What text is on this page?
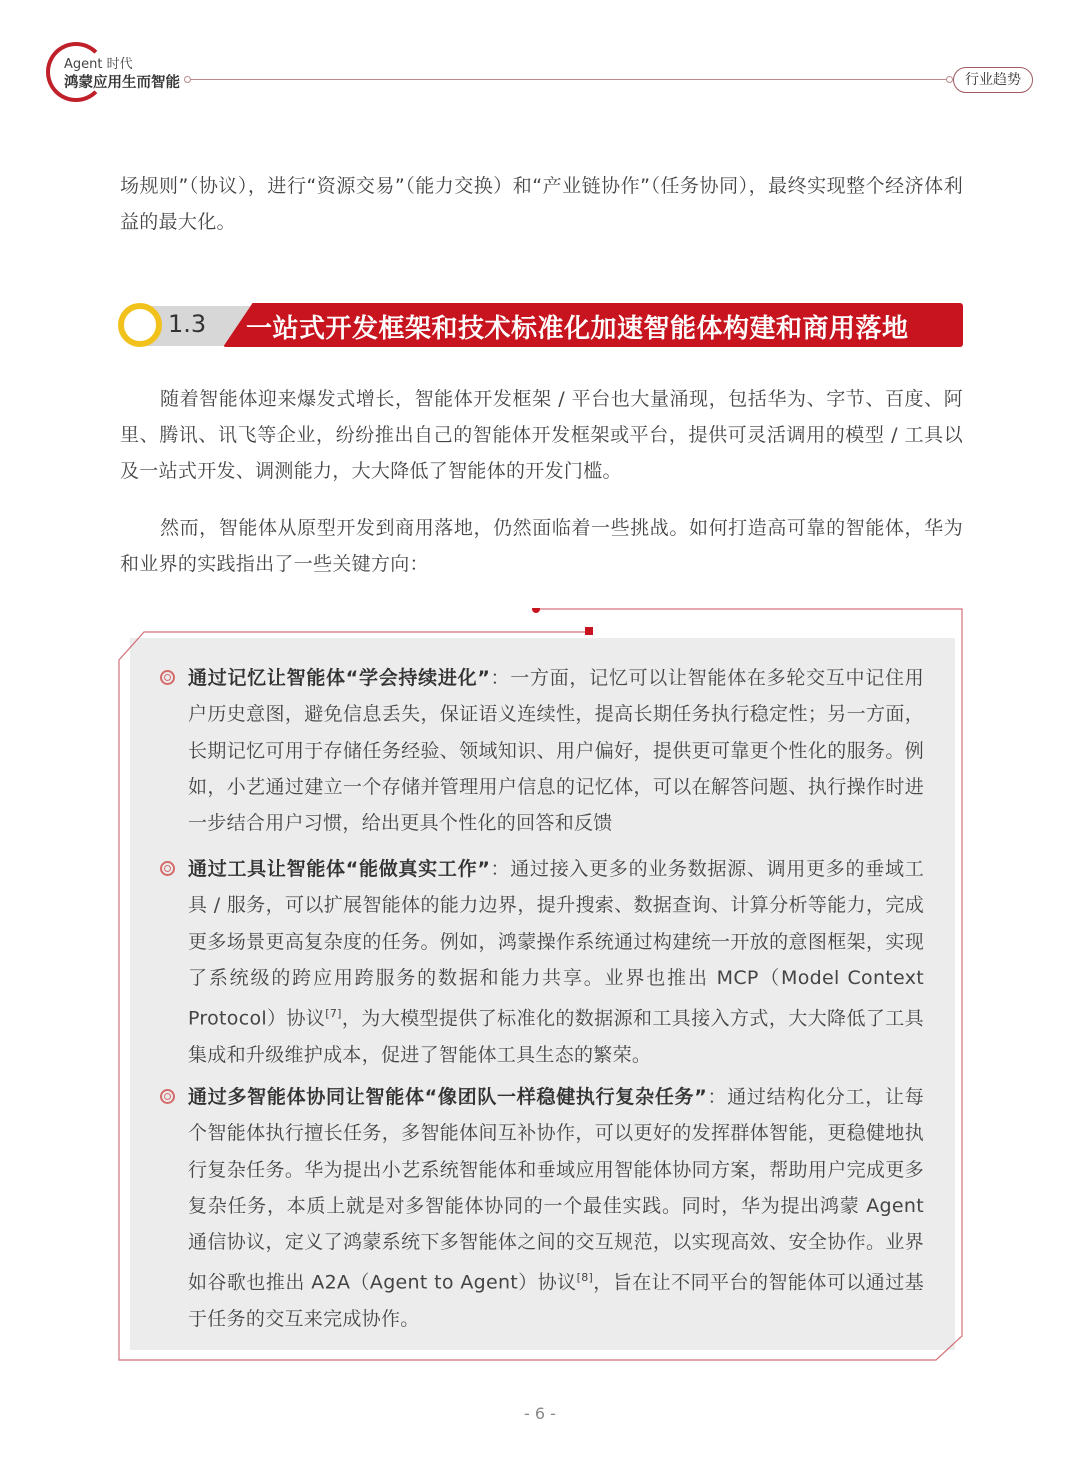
Agent 时代
鸿蒙应用生而智能	行业趋势
场规则”（协议），进行“资源交易”（能力交换）和“产业链协作”（任务协同），最终实现整个经济体利益的最大化。
1.3 一站式开发框架和技术标准化加速智能体构建和商用落地
随着智能体迎来爆发式增长，智能体开发框架 / 平台也大量涌现，包括华为、字节、百度、阿里、腾讯、讯飞等企业，纷纷推出自己的智能体开发框架或平台，提供可灵活调用的模型 / 工具以及一站式开发、调测能力，大大降低了智能体的开发门槛。
然而，智能体从原型开发到商用落地，仍然面临着一些挑战。如何打造高可靠的智能体，华为和业界的实践指出了一些关键方向：
通过记忆让智能体“学会持续进化”：一方面，记忆可以让智能体在多轮交互中记住用户历史意图，避免信息丢失，保证语义连续性，提高长期任务执行稳定性；另一方面，长期记忆可用于存储任务经验、领域知识、用户偏好，提供更可靠更个性化的服务。例如，小艺通过建立一个存储并管理用户信息的记忆体，可以在解答问题、执行操作时进一步结合用户习惯，给出更具个性化的回答和反馈
通过工具让智能体“能做真实工作”：通过接入更多的业务数据源、调用更多的垂域工具 / 服务，可以扩展智能体的能力边界，提升搜索、数据查询、计算分析等能力，完成更多场景更高复杂度的任务。例如，鸿蒙操作系统通过构建统一开放的意图框架，实现了系统级的跨应用跨服务的数据和能力共享。业界也推出 MCP（Model Context Protocol）协议[7]，为大模型提供了标准化的数据源和工具接入方式，大大降低了工具集成和升级维护成本，促进了智能体工具生态的繁荣。
通过多智能体协同让智能体“像团队一样稳健执行复杂任务”：通过结构化分工，让每个智能体执行擅长任务，多智能体间互补协作，可以更好的发挥群体智能，更稳健地执行复杂任务。华为提出小艺系统智能体和垂域应用智能体协同方案，帮助用户完成更多复杂任务，本质上就是对多智能体协同的一个最佳实践。同时，华为提出鸿蒙 Agent 通信协议，定义了鸿蒙系统下多智能体之间的交互规范，以实现高效、安全协作。业界如谷歌也推出 A2A（Agent to Agent）协议[8]，旨在让不同平台的智能体可以通过基于任务的交互来完成协作。
- 6 -
